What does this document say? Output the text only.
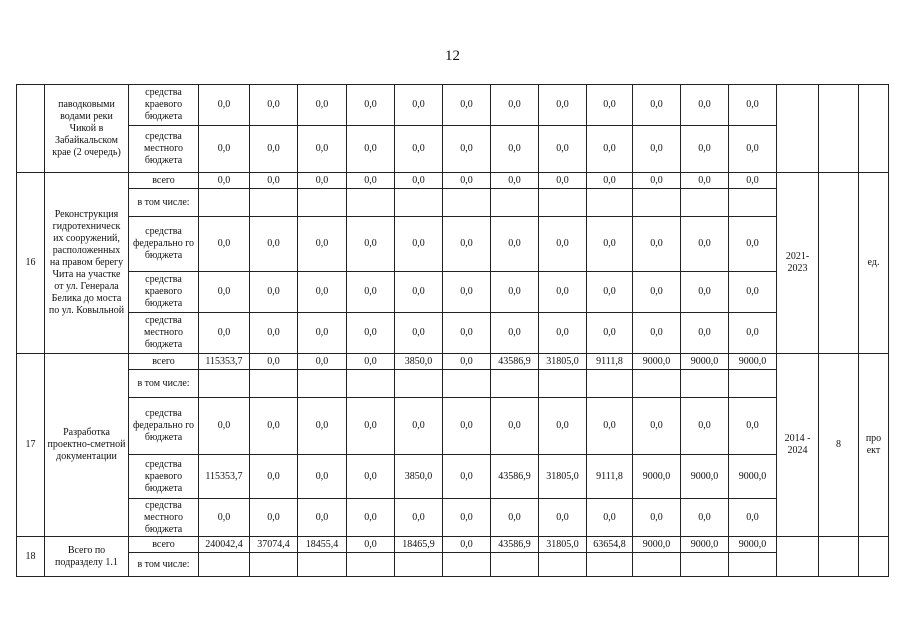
12
	паводковыми водами реки Чикой в Забайкальском крае (2 очередь)	средства краевого бюджета	0,0	0,0	0,0	0,0	0,0	0,0	0,0	0,0	0,0	0,0	0,0	0,0			
		средства местного бюджета	0,0	0,0	0,0	0,0	0,0	0,0	0,0	0,0	0,0	0,0	0,0	0,0			
16	Реконструкция гидротехническ их сооружений, расположенных на правом берегу Чита на участке от ул. Генерала Белика до моста по ул. Ковыльной	всего	0,0	0,0	0,0	0,0	0,0	0,0	0,0	0,0	0,0	0,0	0,0	0,0	2021-2023		ед.
		в том числе:															
		средства федерально го бюджета	0,0	0,0	0,0	0,0	0,0	0,0	0,0	0,0	0,0	0,0	0,0	0,0			
		средства краевого бюджета	0,0	0,0	0,0	0,0	0,0	0,0	0,0	0,0	0,0	0,0	0,0	0,0			
		средства местного бюджета	0,0	0,0	0,0	0,0	0,0	0,0	0,0	0,0	0,0	0,0	0,0	0,0			
17	Разработка проектно-сметной документации	всего	115353,7	0,0	0,0	0,0	3850,0	0,0	43586,9	31805,0	9111,8	9000,0	9000,0	9000,0	2014 - 2024	8	про ект
		в том числе:															
		средства федерально го бюджета	0,0	0,0	0,0	0,0	0,0	0,0	0,0	0,0	0,0	0,0	0,0	0,0			
		средства краевого бюджета	115353,7	0,0	0,0	0,0	3850,0	0,0	43586,9	31805,0	9111,8	9000,0	9000,0	9000,0			
		средства местного бюджета	0,0	0,0	0,0	0,0	0,0	0,0	0,0	0,0	0,0	0,0	0,0	0,0			
18	Всего по подразделу 1.1	всего	240042,4	37074,4	18455,4	0,0	18465,9	0,0	43586,9	31805,0	63654,8	9000,0	9000,0	9000,0			
		в том числе:															
